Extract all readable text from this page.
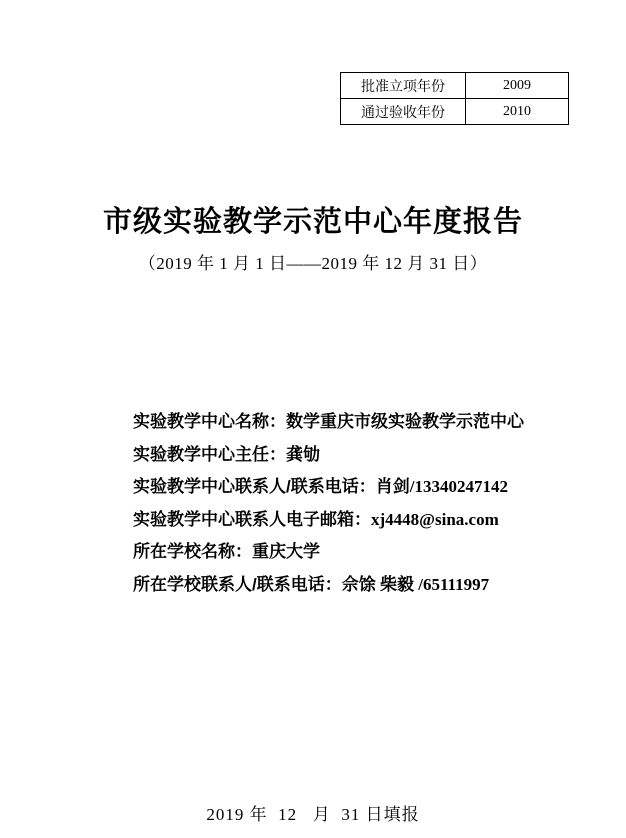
批准立项年份	2009
通过验收年份	2010
市级实验教学示范中心年度报告
（2019 年 1 月 1 日——2019 年 12 月 31 日）
实验教学中心名称：数学重庆市级实验教学示范中心
实验教学中心主任：龚劬
实验教学中心联系人/联系电话：肖剑/13340247142
实验教学中心联系人电子邮箱：xj4448@sina.com
所在学校名称：重庆大学
所在学校联系人/联系电话：佘馀 柴毅 /65111997
2019 年  12   月  31 日填报
